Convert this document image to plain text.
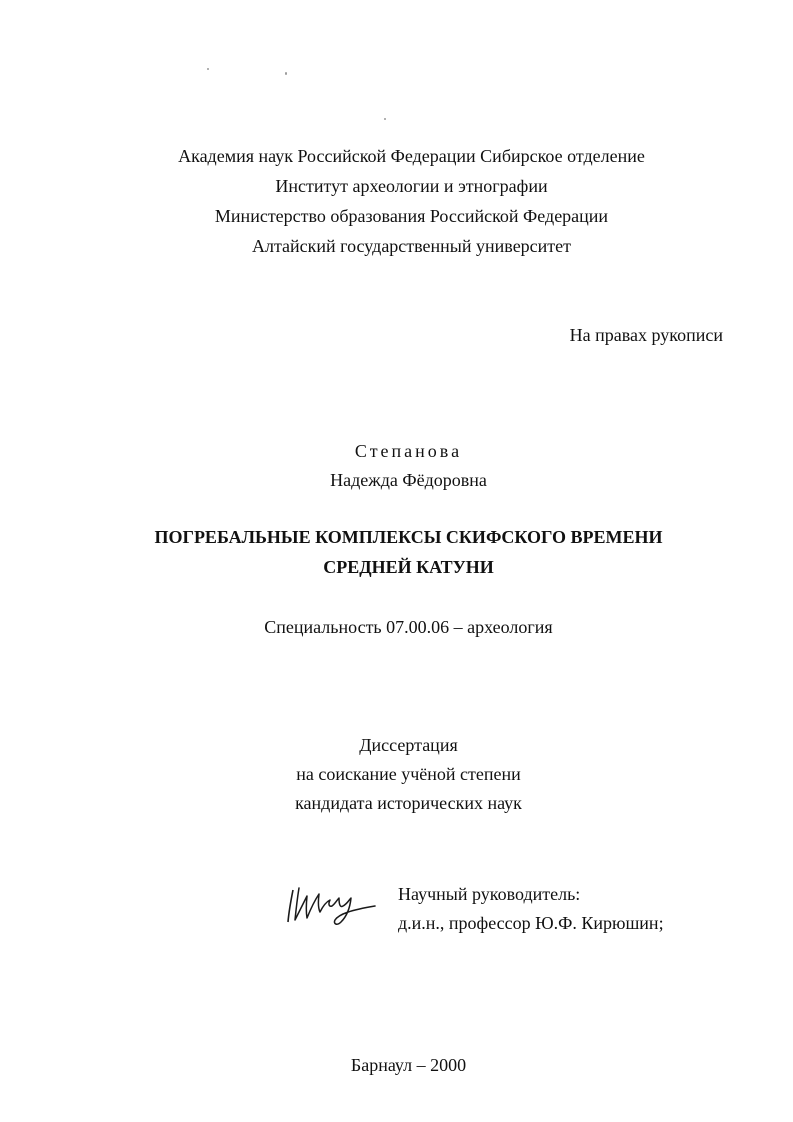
Академия наук Российской Федерации Сибирское отделение
Институт археологии и этнографии
Министерство образования Российской Федерации
Алтайский государственный университет
На правах рукописи
Степанова
Надежда Фёдоровна
ПОГРЕБАЛЬНЫЕ КОМПЛЕКСЫ СКИФСКОГО ВРЕМЕНИ
СРЕДНЕЙ КАТУНИ
Специальность 07.00.06 – археология
Диссертация
на соискание учёной степени
кандидата исторических наук
Научный руководитель:
д.и.н., профессор Ю.Ф. Кирюшин;
Барнаул – 2000
